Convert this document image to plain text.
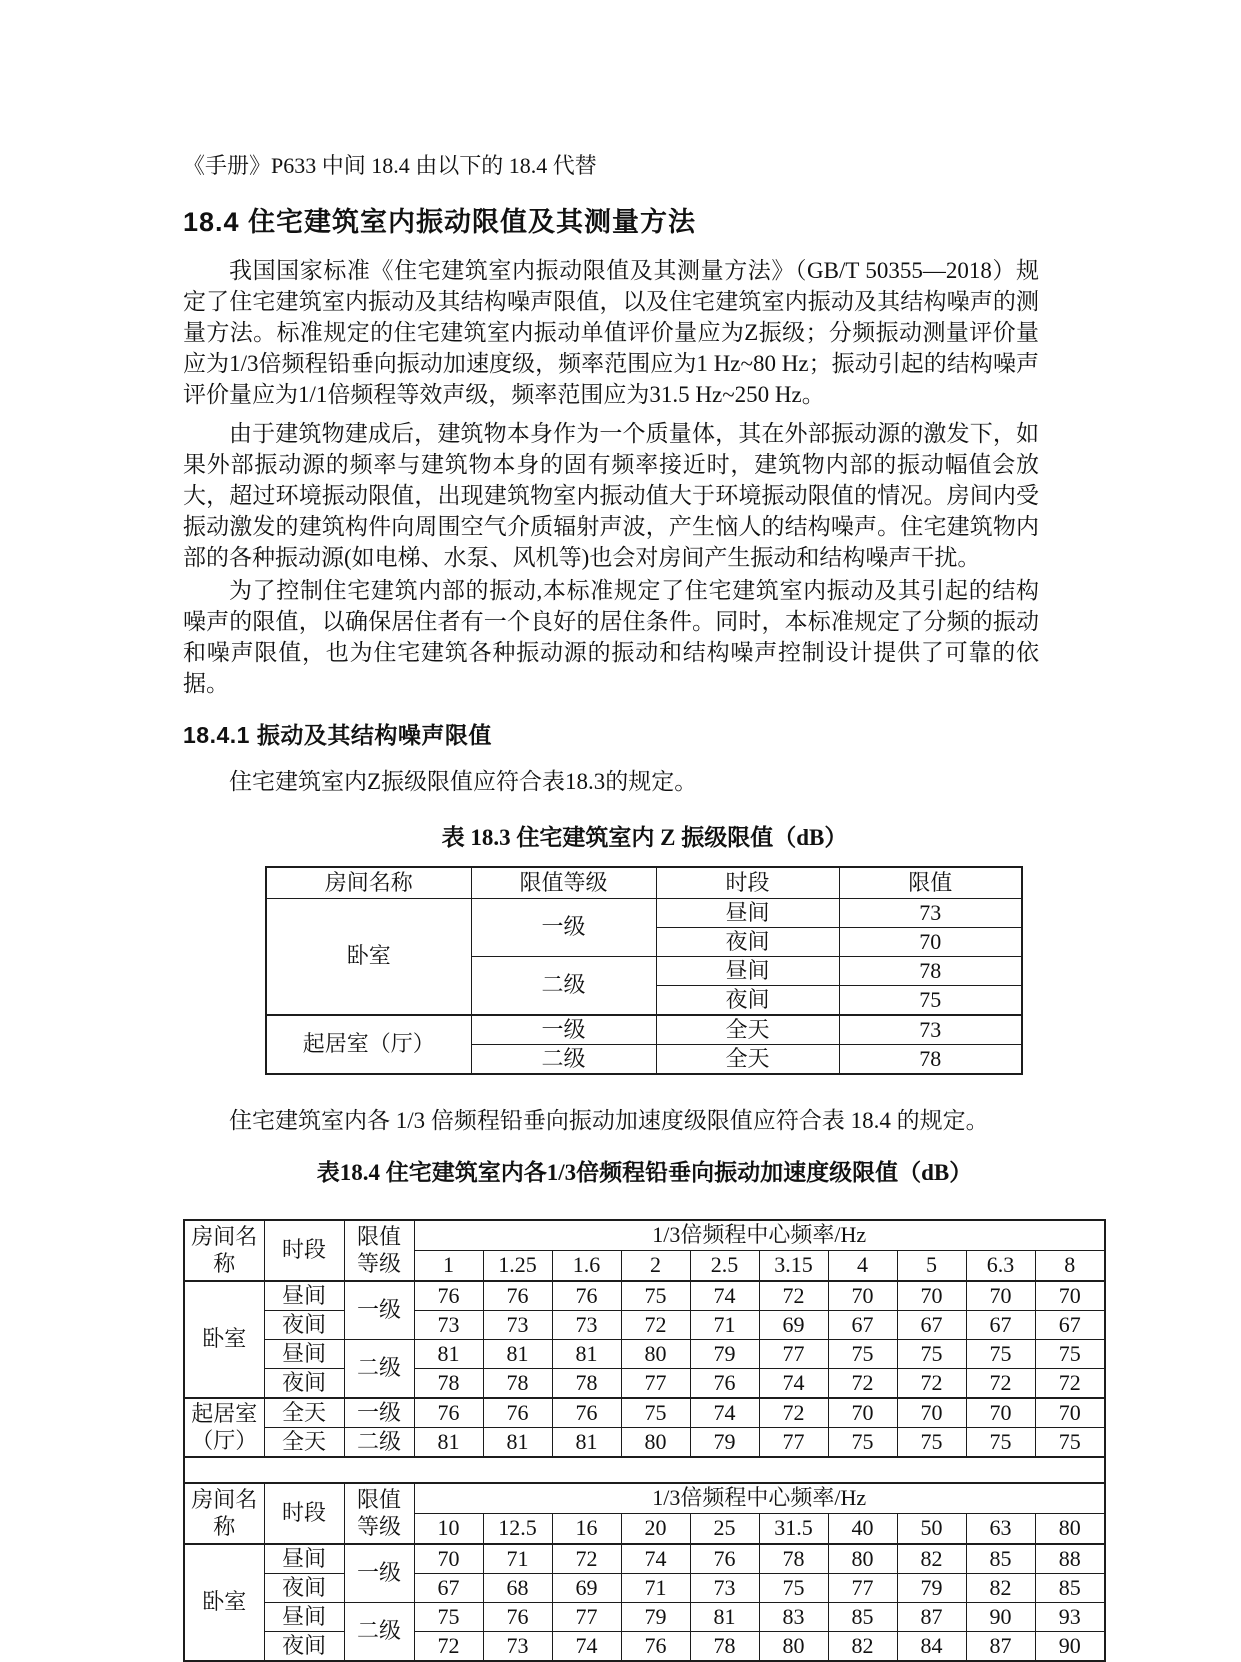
《手册》P633 中间 18.4 由以下的 18.4 代替
18.4 住宅建筑室内振动限值及其测量方法

我国国家标准《住宅建筑室内振动限值及其测量方法》（GB/T 50355—2018）规定了住宅建筑室内振动及其结构噪声限值，以及住宅建筑室内振动及其结构噪声的测量方法。标准规定的住宅建筑室内振动单值评价量应为Z振级；分频振动测量评价量应为1/3倍频程铅垂向振动加速度级，频率范围应为1 Hz~80 Hz；振动引起的结构噪声评价量应为1/1倍频程等效声级，频率范围应为31.5 Hz~250 Hz。

由于建筑物建成后，建筑物本身作为一个质量体，其在外部振动源的激发下，如果外部振动源的频率与建筑物本身的固有频率接近时，建筑物内部的振动幅值会放大，超过环境振动限值，出现建筑物室内振动值大于环境振动限值的情况。房间内受振动激发的建筑构件向周围空气介质辐射声波，产生恼人的结构噪声。住宅建筑物内部的各种振动源(如电梯、水泵、风机等)也会对房间产生振动和结构噪声干扰。

为了控制住宅建筑内部的振动,本标准规定了住宅建筑室内振动及其引起的结构噪声的限值，以确保居住者有一个良好的居住条件。同时，本标准规定了分频的振动和噪声限值，也为住宅建筑各种振动源的振动和结构噪声控制设计提供了可靠的依据。

18.4.1 振动及其结构噪声限值

住宅建筑室内Z振级限值应符合表18.3的规定。

表 18.3 住宅建筑室内 Z 振级限值（dB）
房间名称	限值等级	时段	限值
卧室	一级	昼间	73
		夜间	70
	二级	昼间	78
		夜间	75
起居室（厅）	一级	全天	73
	二级	全天	78

住宅建筑室内各 1/3 倍频程铅垂向振动加速度级限值应符合表 18.4 的规定。

表18.4 住宅建筑室内各1/3倍频程铅垂向振动加速度级限值（dB）
房间名称	时段	限值等级	1/3倍频程中心频率/Hz									
			1	1.25	1.6	2	2.5	3.15	4	5	6.3	8
卧室	昼间	一级	76	76	76	75	74	72	70	70	70	70
	夜间		73	73	73	72	71	69	67	67	67	67
	昼间	二级	81	81	81	80	79	77	75	75	75	75
	夜间		78	78	78	77	76	74	72	72	72	72
起居室（厅）	全天	一级	76	76	76	75	74	72	70	70	70	70
	全天	二级	81	81	81	80	79	77	75	75	75	75

房间名称	时段	限值等级	1/3倍频程中心频率/Hz									
			10	12.5	16	20	25	31.5	40	50	63	80
卧室	昼间	一级	70	71	72	74	76	78	80	82	85	88
	夜间		67	68	69	71	73	75	77	79	82	85
	昼间	二级	75	76	77	79	81	83	85	87	90	93
	夜间		72	73	74	76	78	80	82	84	87	90
